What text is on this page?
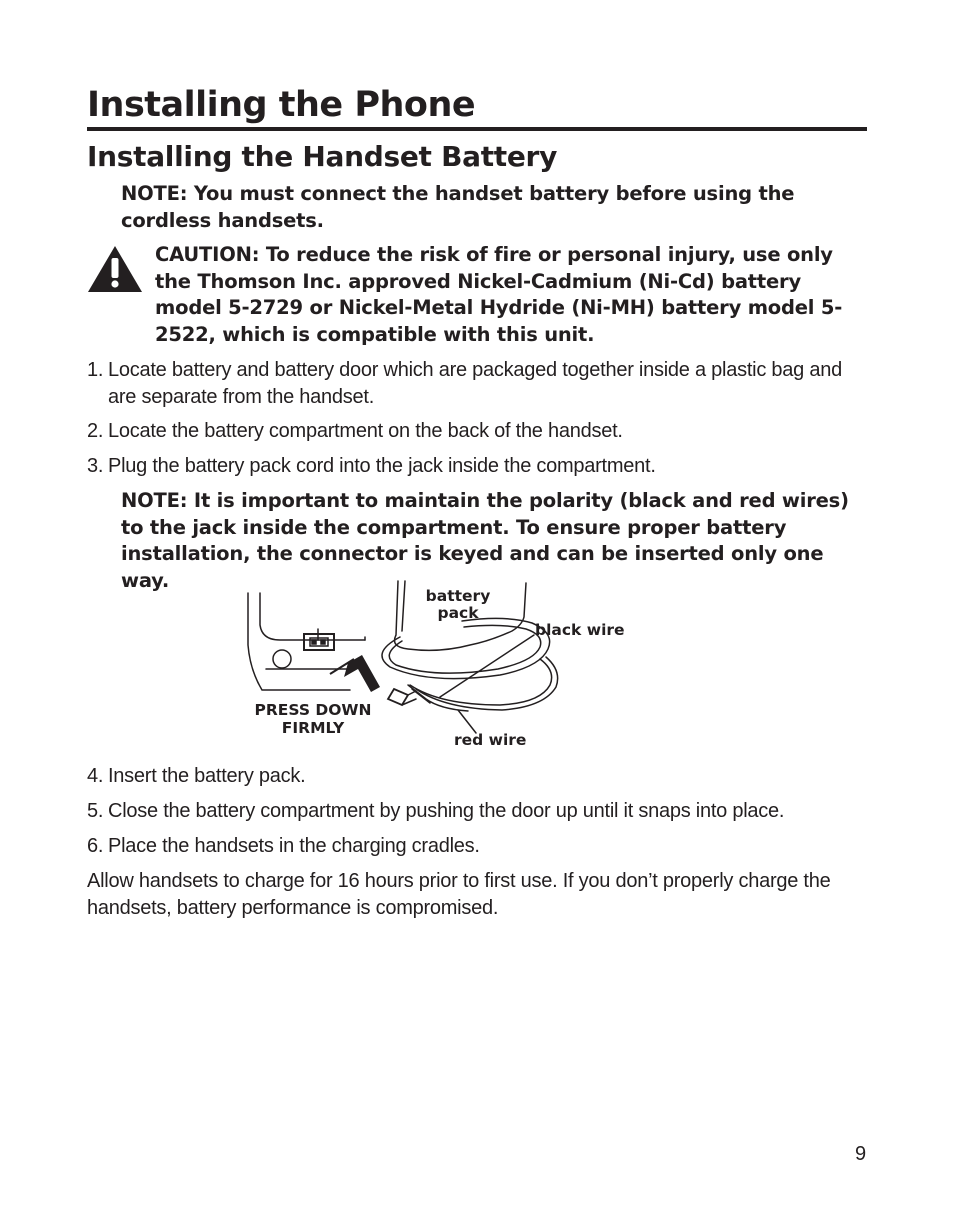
Installing the Phone
Installing the Handset Battery

NOTE: You must connect the handset battery before using the cordless handsets.

CAUTION: To reduce the risk of fire or personal injury, use only the Thomson Inc. approved Nickel-Cadmium (Ni-Cd) battery model 5-2729 or Nickel-Metal Hydride (Ni-MH) battery model 5-2522, which is compatible with this unit.

1. Locate battery and battery door which are packaged together inside a plastic bag and are separate from the handset.
2. Locate the battery compartment on the back of the handset.
3. Plug the battery pack cord into the jack inside the compartment.

NOTE: It is important to maintain the polarity (black and red wires) to the jack inside the compartment. To ensure proper battery installation, the connector is keyed and can be inserted only one way.

battery
pack
black wire
PRESS DOWN
FIRMLY
red wire
4. Insert the battery pack.
5. Close the battery compartment by pushing the door up until it snaps into place.
6. Place the handsets in the charging cradles.

Allow handsets to charge for 16 hours prior to first use. If you don’t properly charge the handsets, battery performance is compromised.

9
